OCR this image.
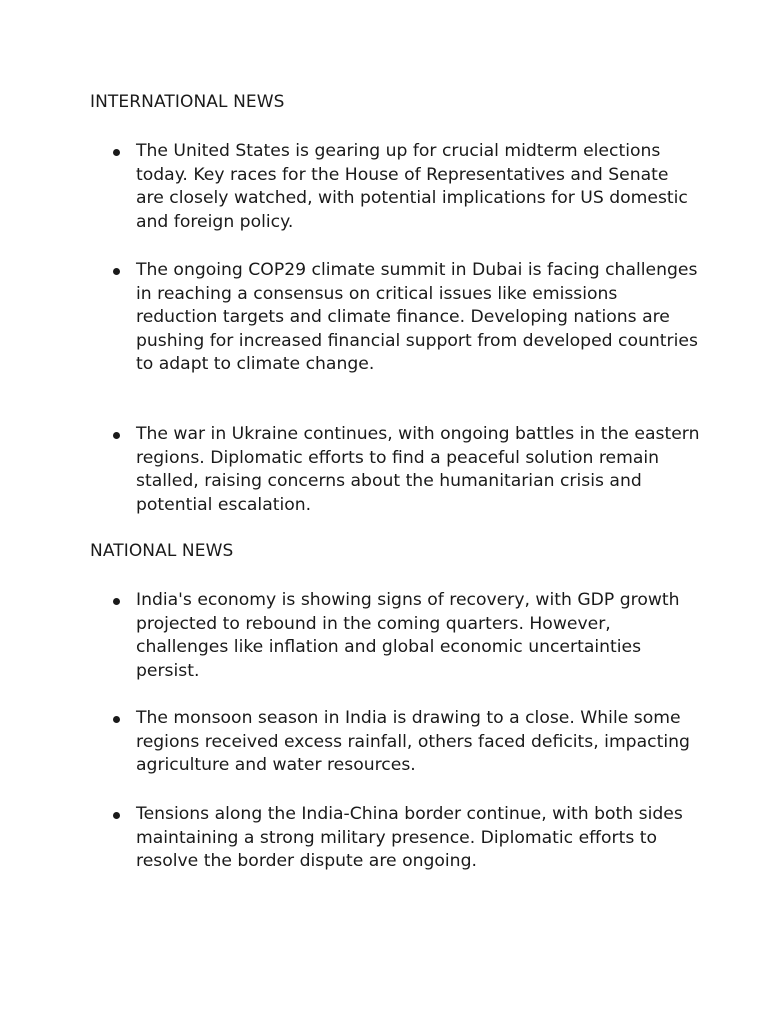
INTERNATIONAL NEWS

The United States is gearing up for crucial midterm elections today. Key races for the House of Representatives and Senate are closely watched, with potential implications for US domestic and foreign policy.

The ongoing COP29 climate summit in Dubai is facing challenges in reaching a consensus on critical issues like emissions reduction targets and climate finance. Developing nations are pushing for increased financial support from developed countries to adapt to climate change.

The war in Ukraine continues, with ongoing battles in the eastern regions. Diplomatic efforts to find a peaceful solution remain stalled, raising concerns about the humanitarian crisis and potential escalation.

NATIONAL NEWS

India's economy is showing signs of recovery, with GDP growth projected to rebound in the coming quarters. However, challenges like inflation and global economic uncertainties persist.

The monsoon season in India is drawing to a close. While some regions received excess rainfall, others faced deficits, impacting agriculture and water resources.

Tensions along the India-China border continue, with both sides maintaining a strong military presence. Diplomatic efforts to resolve the border dispute are ongoing.
